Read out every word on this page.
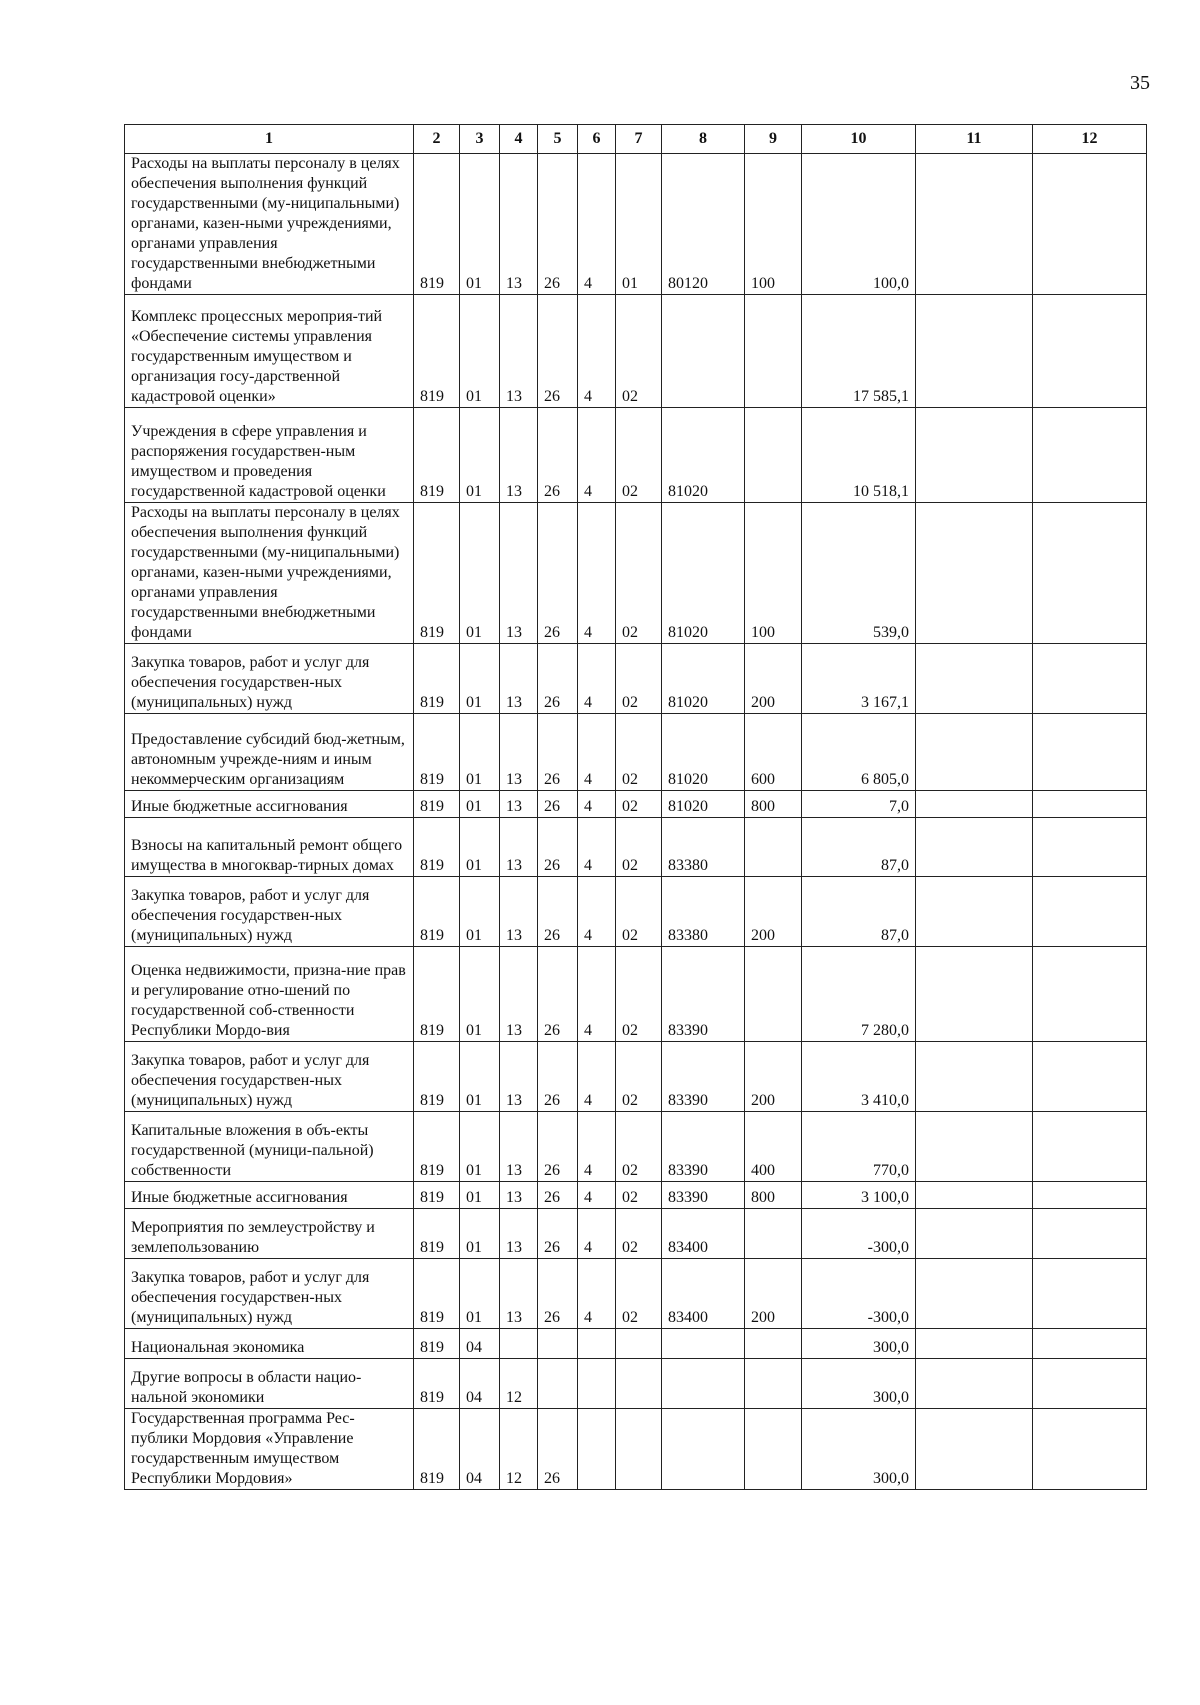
35
1	2	3	4	5	6	7	8	9	10	11	12
Расходы на выплаты персоналу в целях обеспечения выполнения функций государственными (му-ниципальными) органами, казен-ными учреждениями, органами управления государственными внебюджетными фондами	819	01	13	26	4	01	80120	100	100,0		
Комплекс процессных мероприя-тий «Обеспечение системы управления государственным имуществом и организация госу-дарственной кадастровой оценки»	819	01	13	26	4	02			17 585,1		
Учреждения в сфере управления и распоряжения государствен-ным имуществом и проведения государственной кадастровой оценки	819	01	13	26	4	02	81020		10 518,1		
Расходы на выплаты персоналу в целях обеспечения выполнения функций государственными (му-ниципальными) органами, казен-ными учреждениями, органами управления государственными внебюджетными фондами	819	01	13	26	4	02	81020	100	539,0		
Закупка товаров, работ и услуг для обеспечения государствен-ных (муниципальных) нужд	819	01	13	26	4	02	81020	200	3 167,1		
Предоставление субсидий бюд-жетным, автономным учрежде-ниям и иным некоммерческим организациям	819	01	13	26	4	02	81020	600	6 805,0		
Иные бюджетные ассигнования	819	01	13	26	4	02	81020	800	7,0		
Взносы на капитальный ремонт общего имущества в многоквар-тирных домах	819	01	13	26	4	02	83380		87,0		
Закупка товаров, работ и услуг для обеспечения государствен-ных (муниципальных) нужд	819	01	13	26	4	02	83380	200	87,0		
Оценка недвижимости, призна-ние прав и регулирование отно-шений по государственной соб-ственности Республики Мордо-вия	819	01	13	26	4	02	83390		7 280,0		
Закупка товаров, работ и услуг для обеспечения государствен-ных (муниципальных) нужд	819	01	13	26	4	02	83390	200	3 410,0		
Капитальные вложения в объ-екты государственной (муници-пальной) собственности	819	01	13	26	4	02	83390	400	770,0		
Иные бюджетные ассигнования	819	01	13	26	4	02	83390	800	3 100,0		
Мероприятия по землеустройству и землепользованию	819	01	13	26	4	02	83400		-300,0		
Закупка товаров, работ и услуг для обеспечения государствен-ных (муниципальных) нужд	819	01	13	26	4	02	83400	200	-300,0		
Национальная экономика	819	04							300,0		
Другие вопросы в области нацио-нальной экономики	819	04	12						300,0		
Государственная программа Рес-публики Мордовия «Управление государственным имуществом Республики Мордовия»	819	04	12	26					300,0		
